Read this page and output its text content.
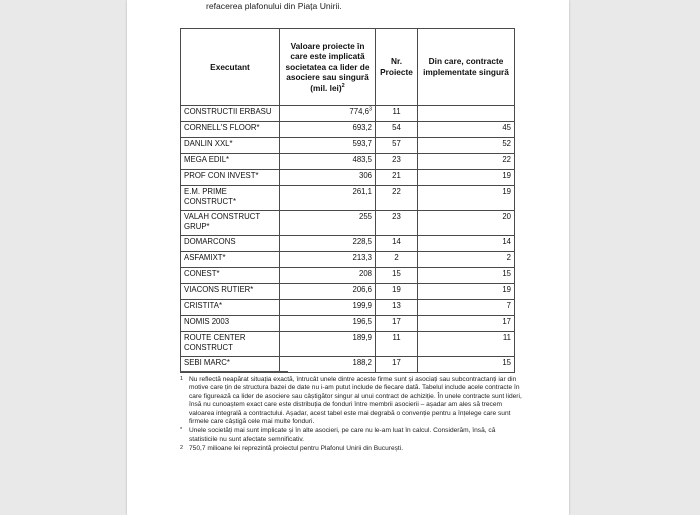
refacerea plafonului din Piața Unirii.
Executant	Valoare proiecte în care este implicată societatea ca lider de asociere sau singură (mil. lei)$^2$	Nr. Proiecte	Din care, contracte implementate singură
CONSTRUCTII ERBASU	774,6$^3$	11	
CORNELL'S FLOOR*	693,2	54	45
DANLIN XXL*	593,7	57	52
MEGA EDIL*	483,5	23	22
PROF CON INVEST*	306	21	19
E.M. PRIME CONSTRUCT*	261,1	22	19
VALAH CONSTRUCT GRUP*	255	23	20
DOMARCONS	228,5	14	14
ASFAMIXT*	213,3	2	2
CONEST*	208	15	15
VIACONS RUTIER*	206,6	19	19
CRISTITA*	199,9	13	7
NOMIS 2003	196,5	17	17
ROUTE CENTER CONSTRUCT	189,9	11	11
SEBI MARC*	188,2	17	15
1 Nu reflectă neapărat situația exactă, întrucât unele dintre aceste firme sunt și asociați sau subcontractanți iar din motive care țin de structura bazei de date nu i-am putut include de fiecare dată. Tabelul include acele contracte în care figurează ca lider de asociere sau câștigător singur al unui contract de achiziție. În unele contracte sunt lideri, însă nu cunoaștem exact care este distribuția de fonduri între membrii asocierii – așadar am ales să trecem valoarea integrală a contractului. Așadar, acest tabel este mai degrabă o convenție pentru a înțelege care sunt firmele care câștigă cele mai multe fonduri.
* Unele societăți mai sunt implicate și în alte asocieri, pe care nu le-am luat în calcul. Considerăm, însă, că statisticile nu sunt afectate semnificativ.
2 750,7 milioane lei reprezintă proiectul pentru Plafonul Unirii din București.
